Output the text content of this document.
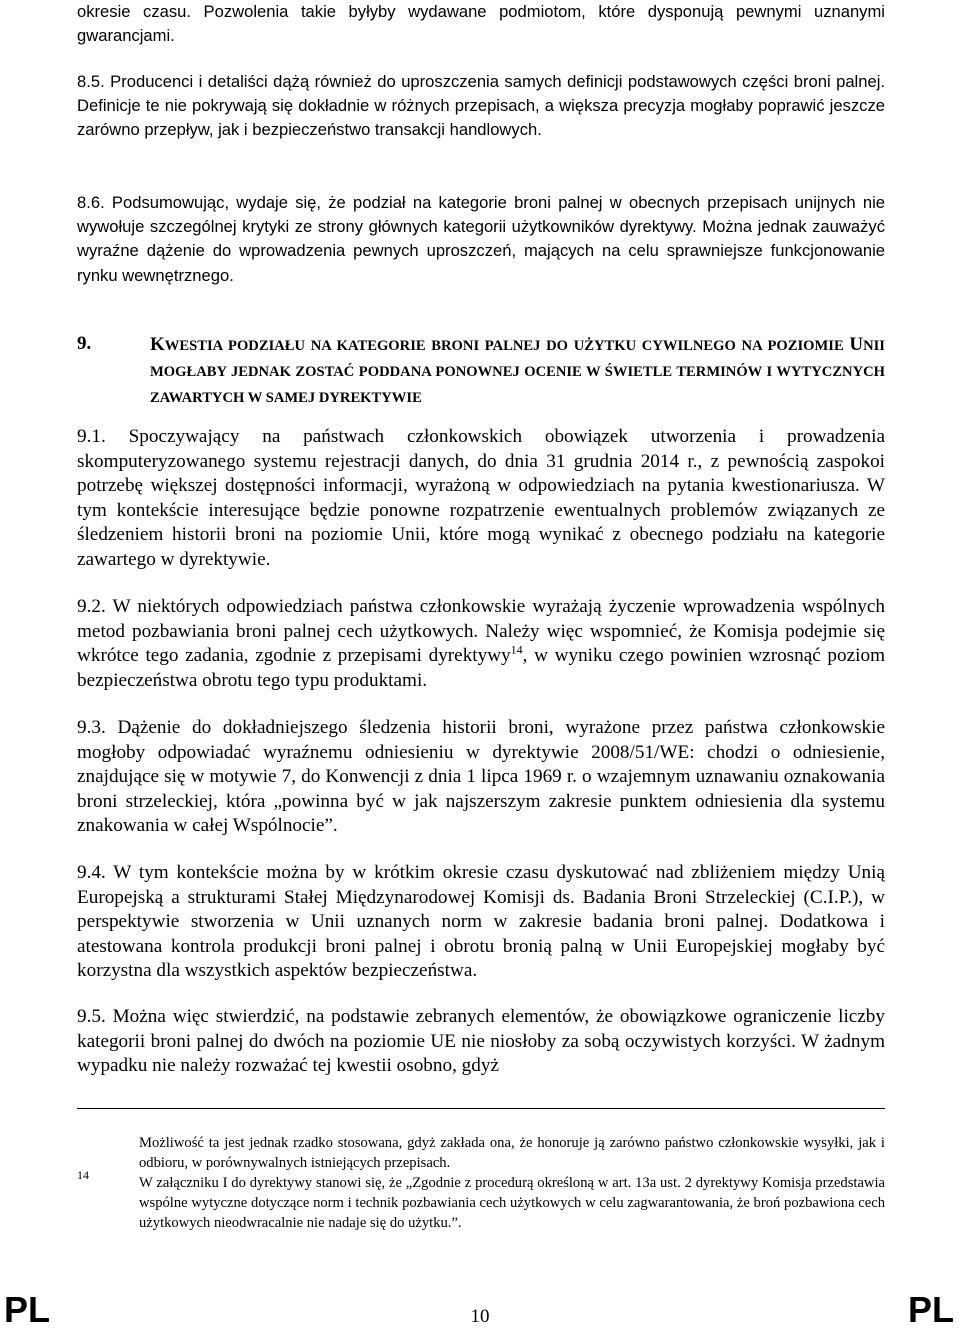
okresie czasu. Pozwolenia takie byłyby wydawane podmiotom, które dysponują pewnymi uznanymi gwarancjami.

8.5. Producenci i detaliści dążą również do uproszczenia samych definicji podstawowych części broni palnej. Definicje te nie pokrywają się dokładnie w różnych przepisach, a większa precyzja mogłaby poprawić jeszcze zarówno przepływ, jak i bezpieczeństwo transakcji handlowych.

8.6. Podsumowując, wydaje się, że podział na kategorie broni palnej w obecnych przepisach unijnych nie wywołuje szczególnej krytyki ze strony głównych kategorii użytkowników dyrektywy. Można jednak zauważyć wyraźne dążenie do wprowadzenia pewnych uproszczeń, mających na celu sprawniejsze funkcjonowanie rynku wewnętrznego.

9.	KWESTIA PODZIAŁU NA KATEGORIE BRONI PALNEJ DO UŻYTKU CYWILNEGO NA POZIOMIE UNII MOGŁABY JEDNAK ZOSTAĆ PODDANA PONOWNEJ OCENIE W ŚWIETLE TERMINÓW I WYTYCZNYCH ZAWARTYCH W SAMEJ DYREKTYWIE

9.1. Spoczywający na państwach członkowskich obowiązek utworzenia i prowadzenia skomputeryzowanego systemu rejestracji danych, do dnia 31 grudnia 2014 r., z pewnością zaspokoi potrzebę większej dostępności informacji, wyrażoną w odpowiedziach na pytania kwestionariusza. W tym kontekście interesujące będzie ponowne rozpatrzenie ewentualnych problemów związanych ze śledzeniem historii broni na poziomie Unii, które mogą wynikać z obecnego podziału na kategorie zawartego w dyrektywie.

9.2. W niektórych odpowiedziach państwa członkowskie wyrażają życzenie wprowadzenia wspólnych metod pozbawiania broni palnej cech użytkowych. Należy więc wspomnieć, że Komisja podejmie się wkrótce tego zadania, zgodnie z przepisami dyrektywy$^{14}$, w wyniku czego powinien wzrosnąć poziom bezpieczeństwa obrotu tego typu produktami.

9.3. Dążenie do dokładniejszego śledzenia historii broni, wyrażone przez państwa członkowskie mogłoby odpowiadać wyraźnemu odniesieniu w dyrektywie 2008/51/WE: chodzi o odniesienie, znajdujące się w motywie 7, do Konwencji z dnia 1 lipca 1969 r. o wzajemnym uznawaniu oznakowania broni strzeleckiej, która „powinna być w jak najszerszym zakresie punktem odniesienia dla systemu znakowania w całej Wspólnocie”.

9.4. W tym kontekście można by w krótkim okresie czasu dyskutować nad zbliżeniem między Unią Europejską a strukturami Stałej Międzynarodowej Komisji ds. Badania Broni Strzeleckiej (C.I.P.), w perspektywie stworzenia w Unii uznanych norm w zakresie badania broni palnej. Dodatkowa i atestowana kontrola produkcji broni palnej i obrotu bronią palną w Unii Europejskiej mogłaby być korzystna dla wszystkich aspektów bezpieczeństwa.

9.5. Można więc stwierdzić, na podstawie zebranych elementów, że obowiązkowe ograniczenie liczby kategorii broni palnej do dwóch na poziomie UE nie niosłoby za sobą oczywistych korzyści. W żadnym wypadku nie należy rozważać tej kwestii osobno, gdyż

14
Możliwość ta jest jednak rzadko stosowana, gdyż zakłada ona, że honoruje ją zarówno państwo członkowskie wysyłki, jak i odbioru, w porównywalnych istniejących przepisach.
W załączniku I do dyrektywy stanowi się, że „Zgodnie z procedurą określoną w art. 13a ust. 2 dyrektywy Komisja przedstawia wspólne wytyczne dotyczące norm i technik pozbawiania cech użytkowych w celu zagwarantowania, że broń pozbawiona cech użytkowych nieodwracalnie nie nadaje się do użytku.”.
PL	10	PL
